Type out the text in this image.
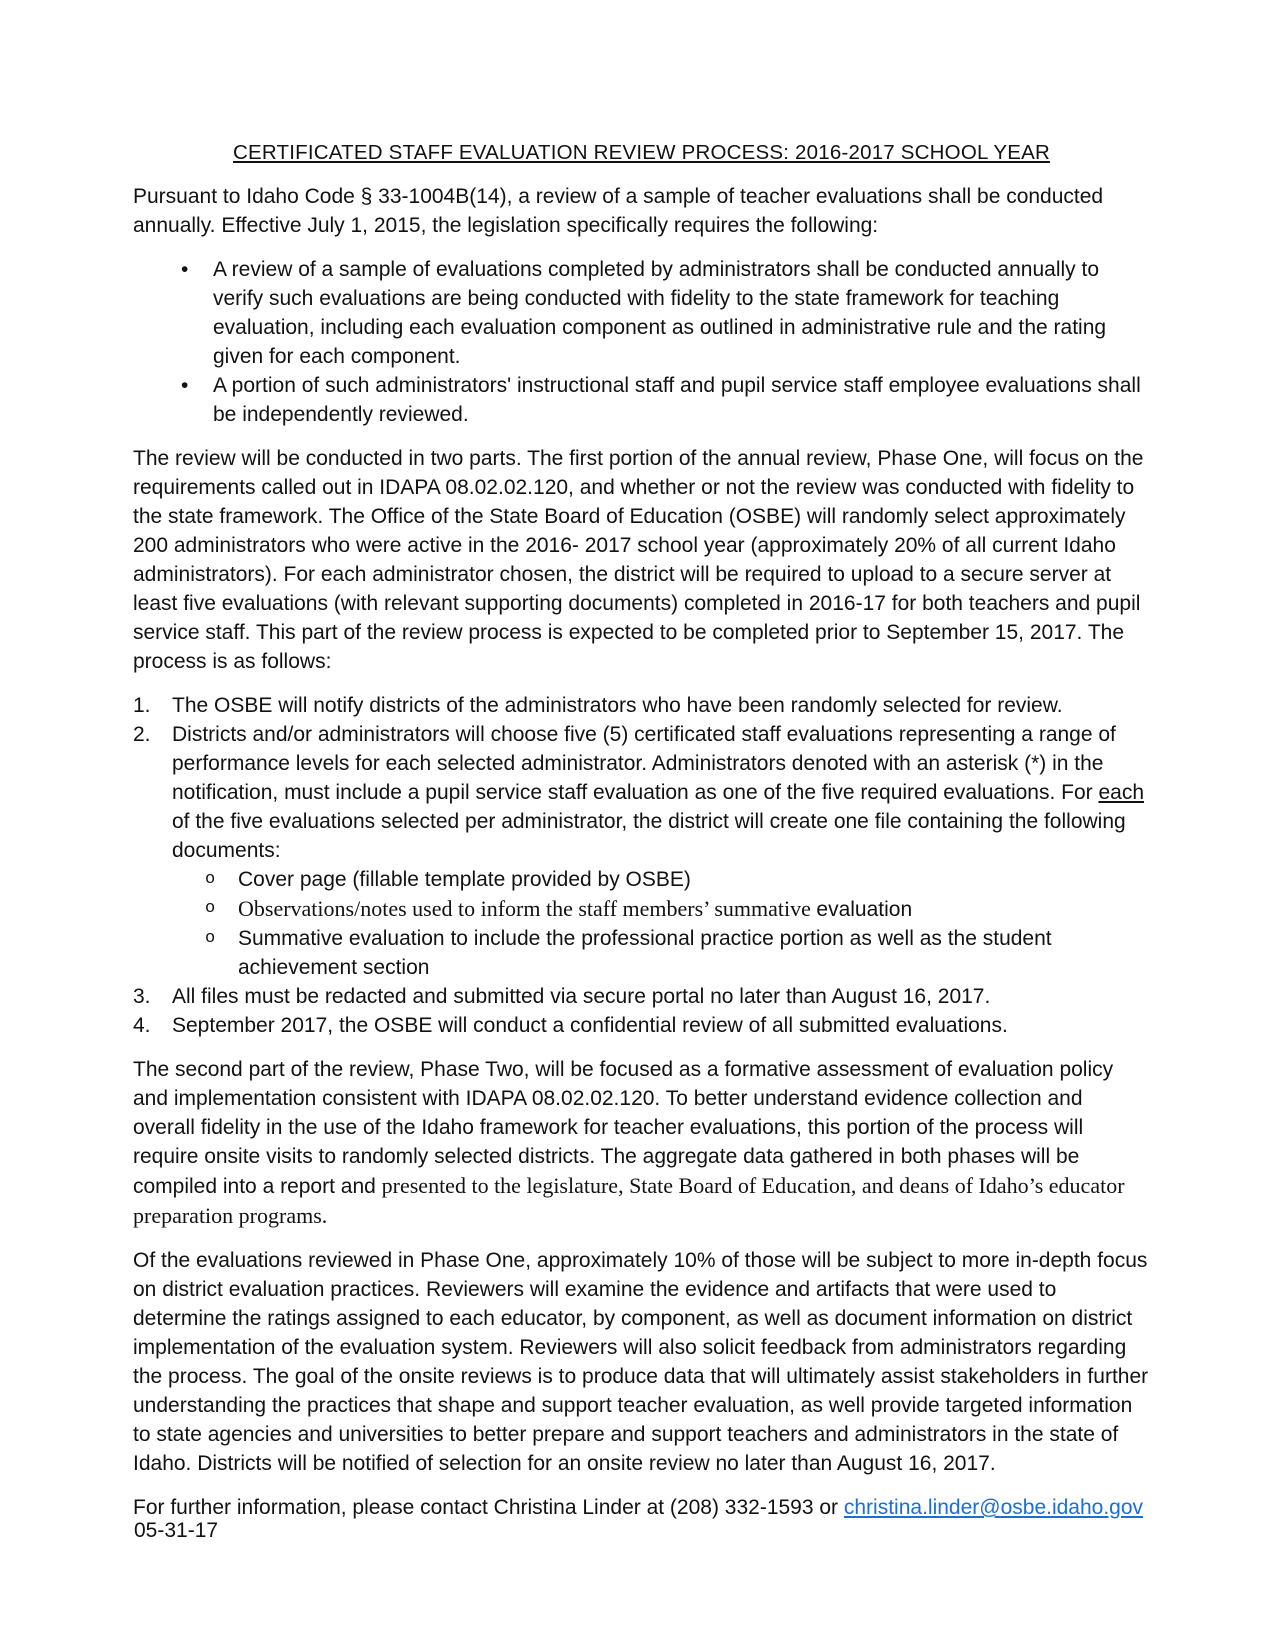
CERTIFICATED STAFF EVALUATION REVIEW PROCESS: 2016-2017 SCHOOL YEAR

Pursuant to Idaho Code § 33-1004B(14), a review of a sample of teacher evaluations shall be conducted annually. Effective July 1, 2015, the legislation specifically requires the following:

•	A review of a sample of evaluations completed by administrators shall be conducted annually to verify such evaluations are being conducted with fidelity to the state framework for teaching evaluation, including each evaluation component as outlined in administrative rule and the rating given for each component.
•	A portion of such administrators' instructional staff and pupil service staff employee evaluations shall be independently reviewed.

The review will be conducted in two parts. The first portion of the annual review, Phase One, will focus on the requirements called out in IDAPA 08.02.02.120, and whether or not the review was conducted with fidelity to the state framework. The Office of the State Board of Education (OSBE) will randomly select approximately 200 administrators who were active in the 2016- 2017 school year (approximately 20% of all current Idaho administrators). For each administrator chosen, the district will be required to upload to a secure server at least five evaluations (with relevant supporting documents) completed in 2016-17 for both teachers and pupil service staff. This part of the review process is expected to be completed prior to September 15, 2017. The process is as follows:

1.	The OSBE will notify districts of the administrators who have been randomly selected for review.
2.	Districts and/or administrators will choose five (5) certificated staff evaluations representing a range of performance levels for each selected administrator. Administrators denoted with an asterisk (*) in the notification, must include a pupil service staff evaluation as one of the five required evaluations. For each of the five evaluations selected per administrator, the district will create one file containing the following documents:
o	Cover page (fillable template provided by OSBE)
o	Observations/notes used to inform the staff members’ summative evaluation
o	Summative evaluation to include the professional practice portion as well as the student achievement section
3.	All files must be redacted and submitted via secure portal no later than August 16, 2017.
4.	September 2017, the OSBE will conduct a confidential review of all submitted evaluations.

The second part of the review, Phase Two, will be focused as a formative assessment of evaluation policy and implementation consistent with IDAPA 08.02.02.120. To better understand evidence collection and overall fidelity in the use of the Idaho framework for teacher evaluations, this portion of the process will require onsite visits to randomly selected districts. The aggregate data gathered in both phases will be compiled into a report and presented to the legislature, State Board of Education, and deans of Idaho’s educator preparation programs.

Of the evaluations reviewed in Phase One, approximately 10% of those will be subject to more in-depth focus on district evaluation practices. Reviewers will examine the evidence and artifacts that were used to determine the ratings assigned to each educator, by component, as well as document information on district implementation of the evaluation system. Reviewers will also solicit feedback from administrators regarding the process. The goal of the onsite reviews is to produce data that will ultimately assist stakeholders in further understanding the practices that shape and support teacher evaluation, as well provide targeted information to state agencies and universities to better prepare and support teachers and administrators in the state of Idaho. Districts will be notified of selection for an onsite review no later than August 16, 2017.

For further information, please contact Christina Linder at (208) 332-1593 or christina.linder@osbe.idaho.gov

05-31-17
